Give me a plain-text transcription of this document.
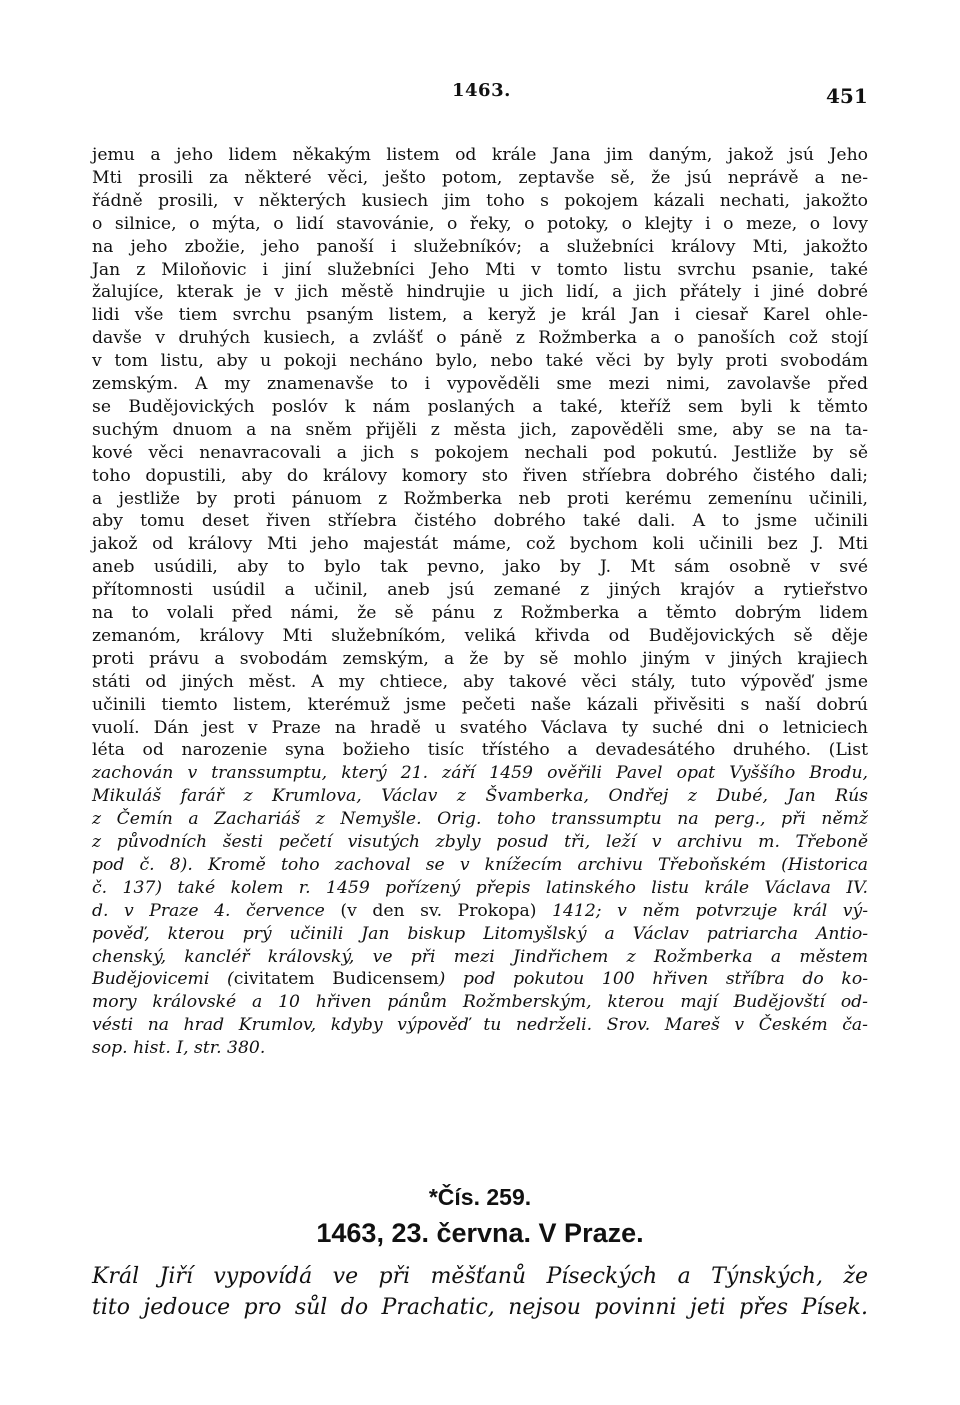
1463.	451
jemu a jeho lidem někakým listem od krále Jana jim daným, jakož jsú Jeho
Mti prosili za některé věci, ješto potom, zeptavše sě, že jsú neprávě a ne-
řádně prosili, v některých kusiech jim toho s pokojem kázali nechati, jakožto
o silnice, o mýta, o lidí stavovánie, o řeky, o potoky, o klejty i o meze, o lovy
na jeho zbožie, jeho panoší i služebníkóv; a služebníci královy Mti, jakožto
Jan z Miloňovic i jiní služebníci Jeho Mti v tomto listu svrchu psanie, také
žalujíce, kterak je v jich městě hindrujie u jich lidí, a jich přátely i jiné dobré
lidi vše tiem svrchu psaným listem, a keryž je král Jan i ciesař Karel ohle-
davše v druhých kusiech, a zvlášť o páně z Rožmberka a o panoších což stojí
v tom listu, aby u pokoji necháno bylo, nebo také věci by byly proti svobodám
zemským. A my znamenavše to i vypověděli sme mezi nimi, zavolavše před
se Budějovických poslóv k nám poslaných a také, kteříž sem byli k těmto
suchým dnuom a na sněm přijěli z města jich, zapověděli sme, aby se na ta-
kové věci nenavracovali a jich s pokojem nechali pod pokutú. Jestliže by sě
toho dopustili, aby do královy komory sto řiven stříebra dobrého čistého dali;
a jestliže by proti pánuom z Rožmberka neb proti kerému zemenínu učinili,
aby tomu deset řiven stříebra čistého dobrého také dali. A to jsme učinili
jakož od královy Mti jeho majestát máme, což bychom koli učinili bez J. Mti
aneb usúdili, aby to bylo tak pevno, jako by J. Mt sám osobně v své
přítomnosti usúdil a učinil, aneb jsú zemané z jiných krajóv a rytieřstvo
na to volali před námi, že sě pánu z Rožmberka a těmto dobrým lidem
zemanóm, královy Mti služebníkóm, veliká křivda od Budějovických sě děje
proti právu a svobodám zemským, a že by sě mohlo jiným v jiných krajiech
státi od jiných měst. A my chtiece, aby takové věci stály, tuto výpověď jsme
učinili tiemto listem, kterémuž jsme pečeti naše kázali přivěsiti s naší dobrú
vuolí. Dán jest v Praze na hradě u svatého Václava ty suché dni o letniciech
léta od narozenie syna božieho tisíc třístého a devadesátého druhého. (List
zachován v transsumptu, který 21. září 1459 ověřili Pavel opat Vyššího Brodu,
Mikuláš farář z Krumlova, Václav z Švamberka, Ondřej z Dubé, Jan Rús
z Čemín a Zachariáš z Nemyšle. Orig. toho transsumptu na perg., při němž
z původních šesti pečetí visutých zbyly posud tři, leží v archivu m. Třeboně
pod č. 8). Kromě toho zachoval se v knížecím archivu Třeboňském (Historica
č. 137) také kolem r. 1459 pořízený přepis latinského listu krále Václava IV.
d. v Praze 4. července (v den sv. Prokopa) 1412; v něm potvrzuje král vý-
pověď, kterou prý učinili Jan biskup Litomyšlský a Václav patriarcha Antio-
chenský, kancléř královský, ve při mezi Jindřichem z Rožmberka a městem
Budějovicemi (civitatem Budicensem) pod pokutou 100 hřiven stříbra do ko-
mory královské a 10 hřiven pánům Rožmberským, kterou mají Budějovští od-
vésti na hrad Krumlov, kdyby výpověď tu nedrželi. Srov. Mareš v Českém ča-
sop. hist. I, str. 380.
*Čís. 259.
1463, 23. června. V Praze.
Král Jiří vypovídá ve při měšťanů Píseckých a Týnských, že
tito jedouce pro sůl do Prachatic, nejsou povinni jeti přes Písek.
